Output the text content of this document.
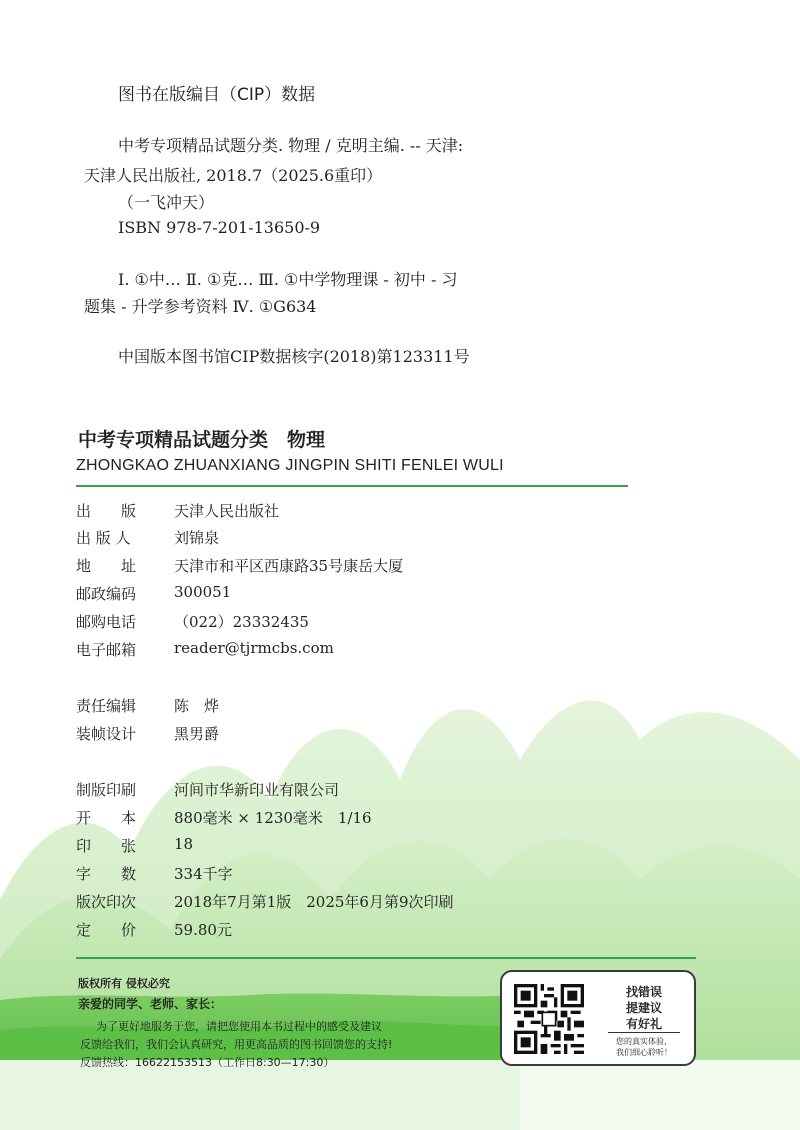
图书在版编目（CIP）数据
中考专项精品试题分类. 物理 / 克明主编. -- 天津:
天津人民出版社, 2018.7（2025.6重印）
（一飞冲天）
ISBN 978-7-201-13650-9
Ⅰ. ①中… Ⅱ. ①克… Ⅲ. ①中学物理课 - 初中 - 习
题集 - 升学参考资料 Ⅳ. ①G634
中国版本图书馆CIP数据核字(2018)第123311号
中考专项精品试题分类　物理
ZHONGKAO ZHUANXIANG JINGPIN SHITI FENLEI WULI
出　　版	天津人民出版社
出 版 人	刘锦泉
地　　址	天津市和平区西康路35号康岳大厦
邮政编码	300051
邮购电话	（022）23332435
电子邮箱	reader@tjrmcbs.com
责任编辑	陈　烨
装帧设计	黑男爵
制版印刷	河间市华新印业有限公司
开　　本	880毫米 × 1230毫米　1/16
印　　张	18
字　　数	334千字
版次印次	2018年7月第1版　2025年6月第9次印刷
定　　价	59.80元
版权所有 侵权必究
亲爱的同学、老师、家长：
为了更好地服务于您，请把您使用本书过程中的感受及建议
反馈给我们，我们会认真研究，用更高品质的图书回馈您的支持!
反馈热线：16622153513（工作日8:30—17:30）
找错误
提建议
有好礼
您的真实体验，
我们细心聆听！
